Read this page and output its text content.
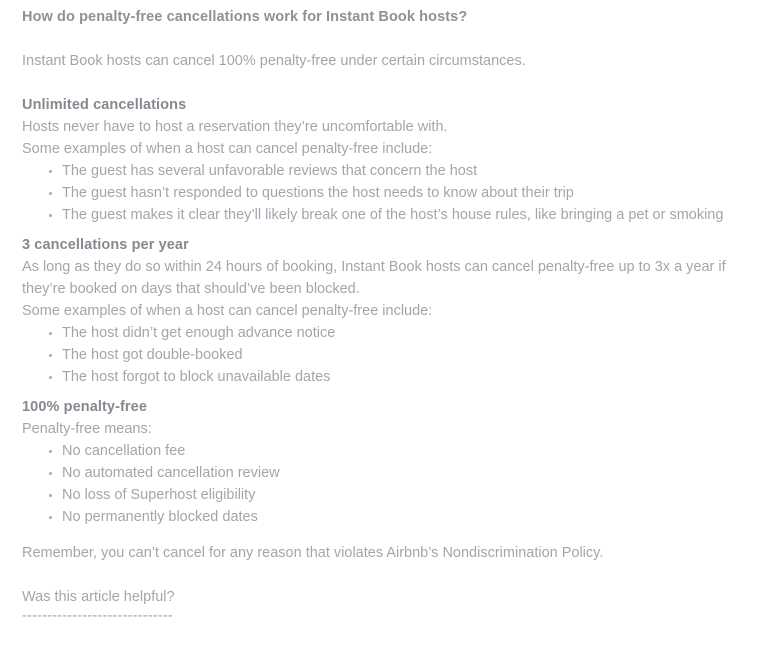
How do penalty-free cancellations work for Instant Book hosts?
Instant Book hosts can cancel 100% penalty-free under certain circumstances.
Unlimited cancellations
Hosts never have to host a reservation they’re uncomfortable with.
Some examples of when a host can cancel penalty-free include:
The guest has several unfavorable reviews that concern the host
The guest hasn’t responded to questions the host needs to know about their trip
The guest makes it clear they’ll likely break one of the host’s house rules, like bringing a pet or smoking
3 cancellations per year
As long as they do so within 24 hours of booking, Instant Book hosts can cancel penalty-free up to 3x a year if they’re booked on days that should’ve been blocked.
Some examples of when a host can cancel penalty-free include:
The host didn’t get enough advance notice
The host got double-booked
The host forgot to block unavailable dates
100% penalty-free
Penalty-free means:
No cancellation fee
No automated cancellation review
No loss of Superhost eligibility
No permanently blocked dates
Remember, you can’t cancel for any reason that violates Airbnb’s Nondiscrimination Policy.
Was this article helpful?
------------------------------
